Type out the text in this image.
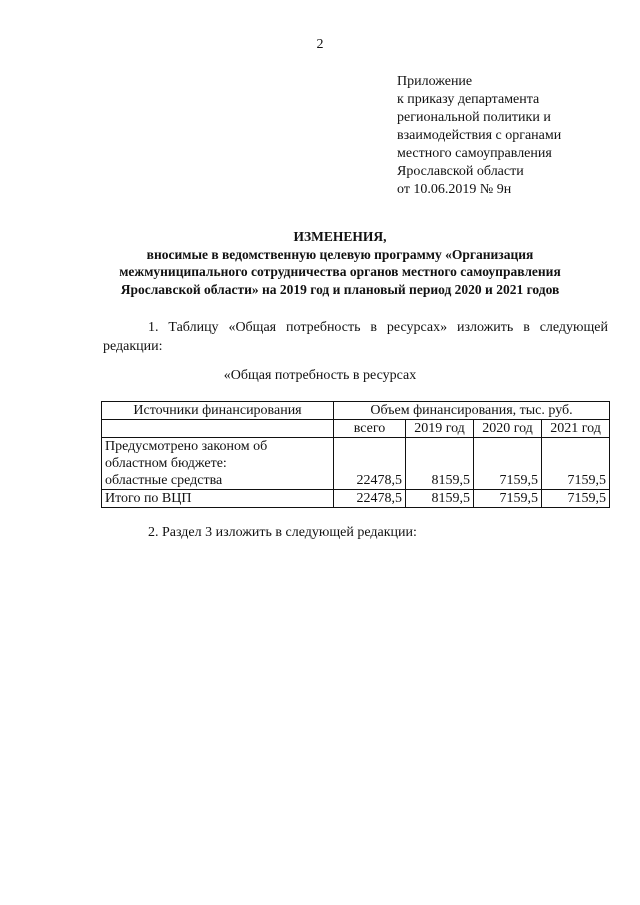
2
Приложение
к приказу департамента
региональной политики и
взаимодействия с органами
местного самоуправления
Ярославской области
от 10.06.2019 № 9н
ИЗМЕНЕНИЯ,
вносимые в ведомственную целевую программу «Организация
межмуниципального сотрудничества органов местного самоуправления
Ярославской области» на 2019 год и плановый период 2020 и 2021 годов
1. Таблицу «Общая потребность в ресурсах» изложить в следующей
редакции:
«Общая потребность в ресурсах
Источники финансирования	Объем финансирования, тыс. руб.			
	всего	2019 год	2020 год	2021 год

Предусмотрено законом об
областном бюджете:
областные средства	22478,5	8159,5	7159,5	7159,5
Итого по ВЦП	22478,5	8159,5	7159,5	7159,5
2. Раздел 3 изложить в следующей редакции:
